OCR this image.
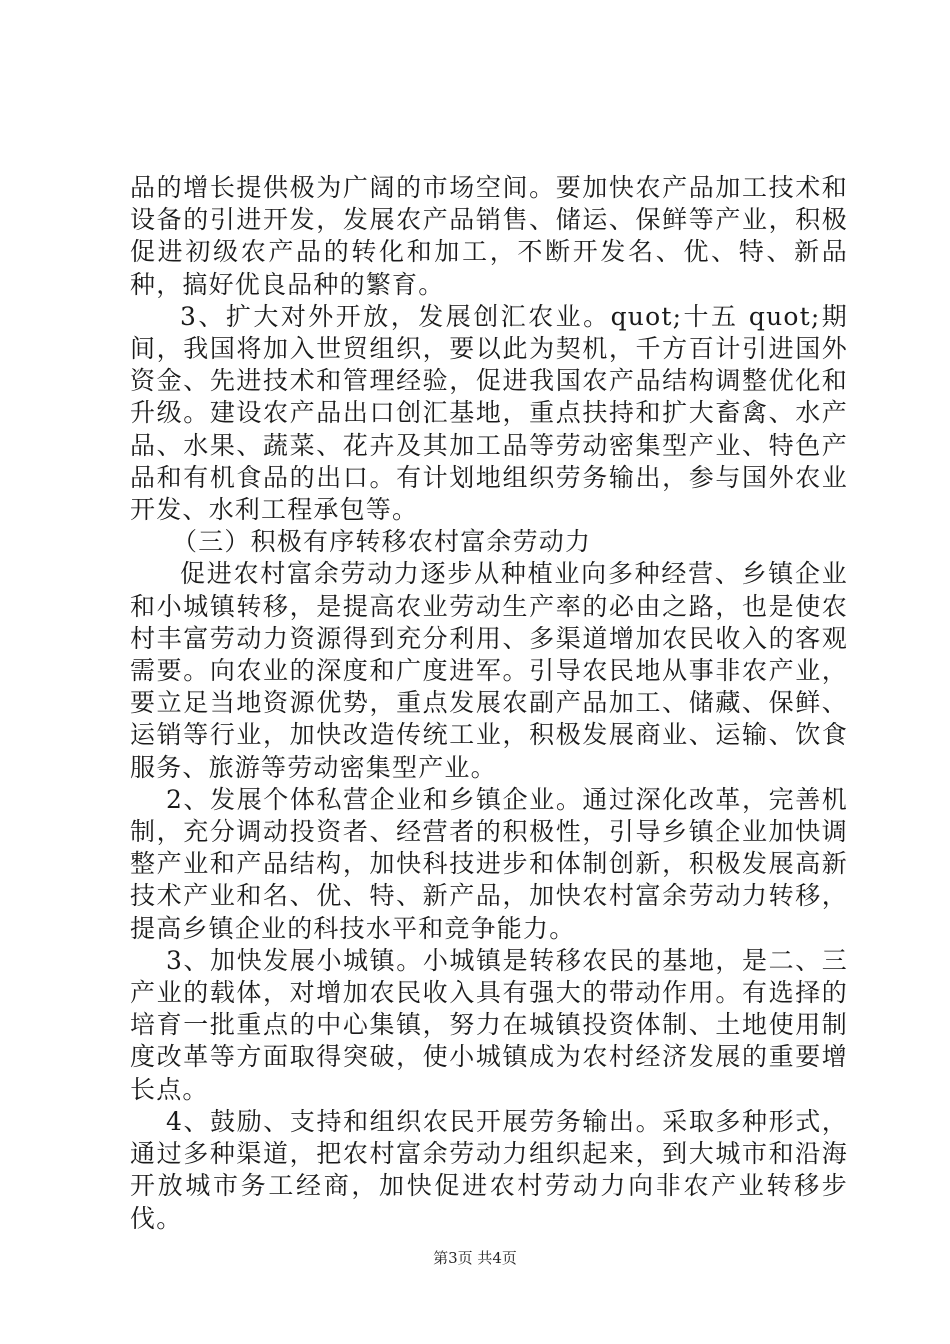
品的增长提供极为广阔的市场空间。要加快农产品加工技术和设备的引进开发，发展农产品销售、储运、保鲜等产业，积极促进初级农产品的转化和加工，不断开发名、优、特、新品种，搞好优良品种的繁育。

3、扩大对外开放，发展创汇农业。quot;十五 quot;期间，我国将加入世贸组织，要以此为契机，千方百计引进国外资金、先进技术和管理经验，促进我国农产品结构调整优化和升级。建设农产品出口创汇基地，重点扶持和扩大畜禽、水产品、水果、蔬菜、花卉及其加工品等劳动密集型产业、特色产品和有机食品的出口。有计划地组织劳务输出，参与国外农业开发、水利工程承包等。

（三）积极有序转移农村富余劳动力

促进农村富余劳动力逐步从种植业向多种经营、乡镇企业和小城镇转移，是提高农业劳动生产率的必由之路，也是使农村丰富劳动力资源得到充分利用、多渠道增加农民收入的客观需要。向农业的深度和广度进军。引导农民地从事非农产业，要立足当地资源优势，重点发展农副产品加工、储藏、保鲜、运销等行业，加快改造传统工业，积极发展商业、运输、饮食服务、旅游等劳动密集型产业。

2、发展个体私营企业和乡镇企业。通过深化改革，完善机制，充分调动投资者、经营者的积极性，引导乡镇企业加快调整产业和产品结构，加快科技进步和体制创新，积极发展高新技术产业和名、优、特、新产品，加快农村富余劳动力转移，提高乡镇企业的科技水平和竞争能力。

3、加快发展小城镇。小城镇是转移农民的基地，是二、三产业的载体，对增加农民收入具有强大的带动作用。有选择的培育一批重点的中心集镇，努力在城镇投资体制、土地使用制度改革等方面取得突破，使小城镇成为农村经济发展的重要增长点。

4、鼓励、支持和组织农民开展劳务输出。采取多种形式，通过多种渠道，把农村富余劳动力组织起来，到大城市和沿海开放城市务工经商，加快促进农村劳动力向非农产业转移步伐。

第3页 共4页
